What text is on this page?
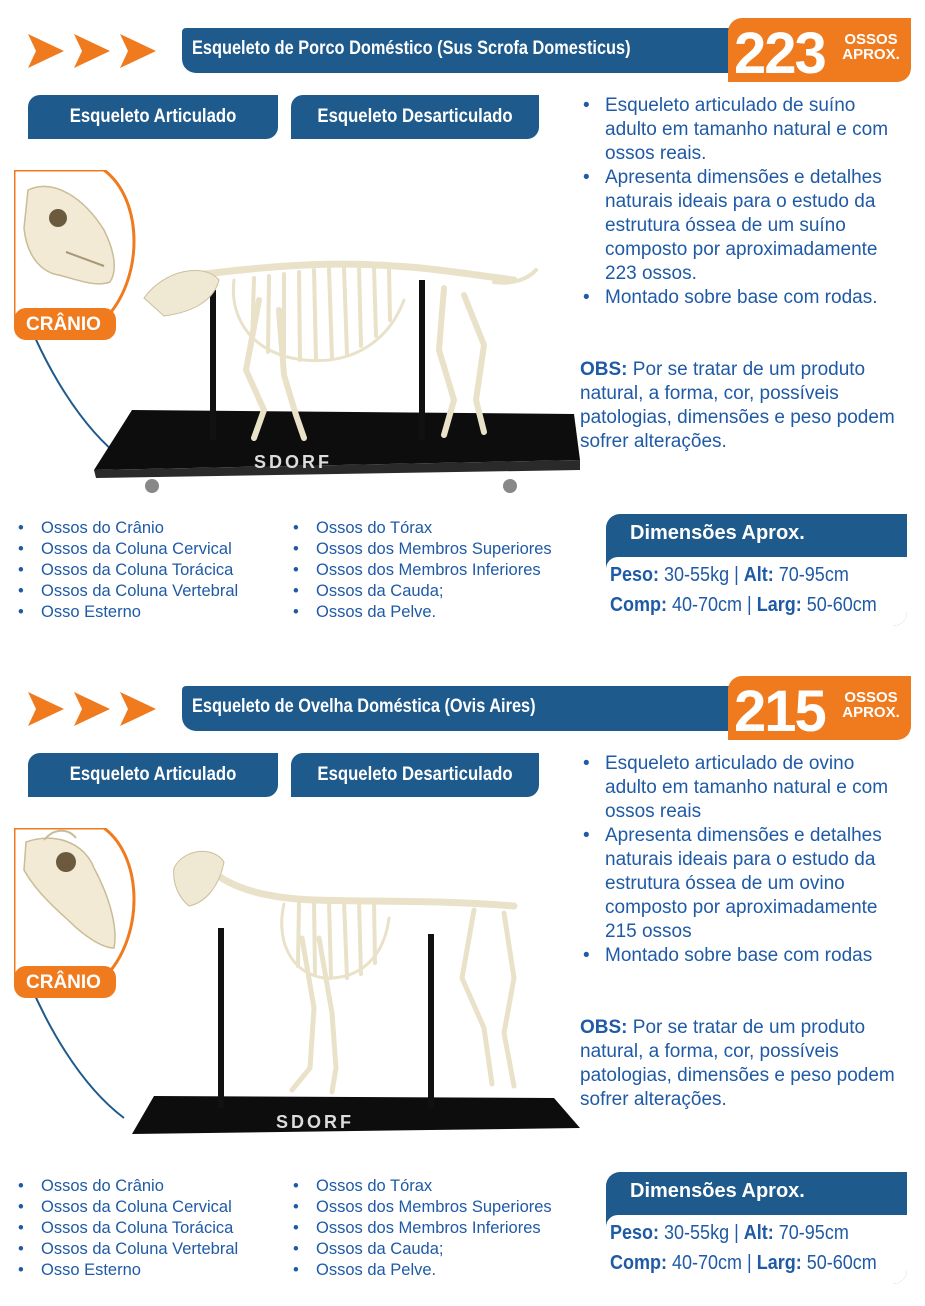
Esqueleto de Porco Doméstico (Sus Scrofa Domesticus) 223	OSSOS
APROX.
Esqueleto Articulado	Esqueleto Desarticulado
SDORF
CRÂNIO
• Esqueleto articulado de suíno adulto em tamanho natural e com ossos reais.
• Apresenta dimensões e detalhes naturais ideais para o estudo da estrutura óssea de um suíno composto por aproximadamente 223 ossos.
• Montado sobre base com rodas.

OBS: Por se tratar de um produto natural, a forma, cor, possíveis patologias, dimensões e peso podem sofrer alterações.

• Ossos do Crânio
• Ossos da Coluna Cervical
• Ossos da Coluna Torácica
• Ossos da Coluna Vertebral
• Osso Esterno
• Ossos do Tórax
• Ossos dos Membros Superiores
• Ossos dos Membros Inferiores
• Ossos da Cauda;
• Ossos da Pelve.
Dimensões Aprox.
Peso: 30-55kg | Alt: 70-95cm
Comp: 40-70cm | Larg: 50-60cm
Esqueleto de Ovelha Doméstica (Ovis Aires)	215	OSSOS
APROX.
Esqueleto Articulado	Esqueleto Desarticulado
SDORF
CRÂNIO
• Esqueleto articulado de ovino adulto em tamanho natural e com ossos reais
• Apresenta dimensões e detalhes naturais ideais para o estudo da estrutura óssea de um ovino composto por aproximadamente 215 ossos
• Montado sobre base com rodas

OBS: Por se tratar de um produto natural, a forma, cor, possíveis patologias, dimensões e peso podem sofrer alterações.

• Ossos do Crânio
• Ossos da Coluna Cervical
• Ossos da Coluna Torácica
• Ossos da Coluna Vertebral
• Osso Esterno
• Ossos do Tórax
• Ossos dos Membros Superiores
• Ossos dos Membros Inferiores
• Ossos da Cauda;
• Ossos da Pelve.
Dimensões Aprox.
Peso: 30-55kg | Alt: 70-95cm
Comp: 40-70cm | Larg: 50-60cm
